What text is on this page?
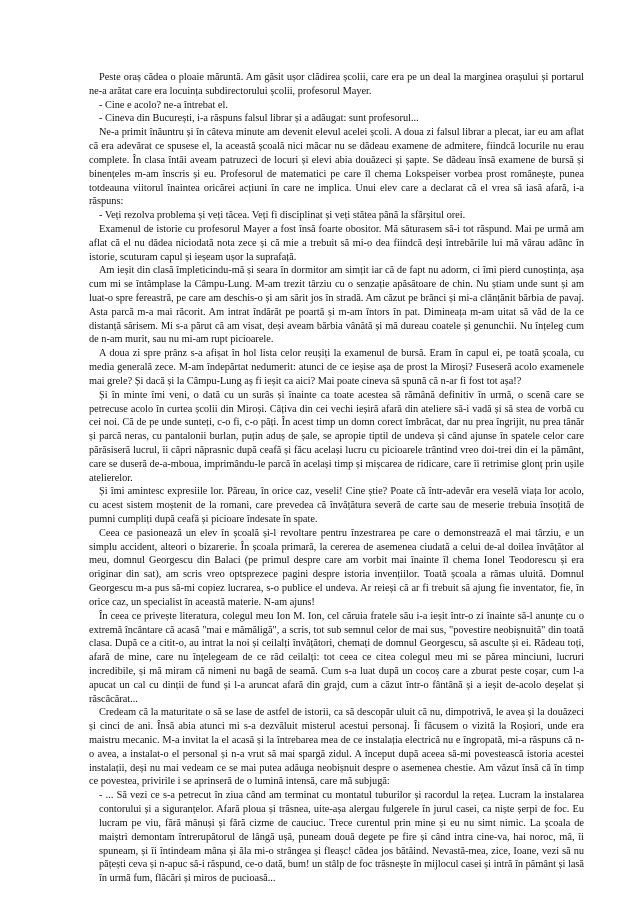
Peste oraș cădea o ploaie măruntă. Am găsit ușor clădirea școlii, care era pe un deal la marginea orașului și portarul ne-a arătat care era locuința subdirectorului școlii, profesorul Mayer.

- Cine e acolo? ne-a întrebat el.

- Cineva din București, i-a răspuns falsul librar și a adăugat: sunt profesorul...

Ne-a primit înăuntru și în câteva minute am devenit elevul acelei școli. A doua zi falsul librar a plecat, iar eu am aflat că era adevărat ce spusese el, la această școală nici măcar nu se dădeau examene de admitere, fiindcă locurile nu erau complete. În clasa întâi aveam patruzeci de locuri și elevi abia douăzeci și șapte. Se dădeau însă examene de bursă și binențeles m-am înscris și eu. Profesorul de matematici pe care îl chema Lokspeiser vorbea prost românește, punea totdeauna viitorul înaintea oricărei acțiuni în care ne implica. Unui elev care a declarat că el vrea să iasă afară, i-a răspuns:

- Veți rezolva problema și veți tăcea. Veți fi disciplinat și veți stătea până la sfârșitul orei.

Examenul de istorie cu profesorul Mayer a fost însă foarte obositor. Mă săturasem să-i tot răspund. Mai pe urmă am aflat că el nu dădea niciodată nota zece și că mie a trebuit să mi-o dea fiindcă deși întrebările lui mă vârau adânc în istorie, scuturam capul și ieșeam ușor la suprafață.

Am ieșit din clasă împleticindu-mă și seara în dormitor am simțit iar că de fapt nu adorm, ci îmi pierd cunoștința, așa cum mi se întâmplase la Câmpu-Lung. M-am trezit târziu cu o senzație apăsătoare de chin. Nu știam unde sunt și am luat-o spre fereastră, pe care am deschis-o și am sărit jos în stradă. Am căzut pe brânci și mi-a clănțănit bărbia de pavaj. Asta parcă m-a mai răcorit. Am intrat îndărăt pe poartă și m-am întors în pat. Dimineața m-am uitat să văd de la ce distanță sărisem. Mi s-a părut că am visat, deși aveam bărbia vânătă și mă dureau coatele și genunchii. Nu înțeleg cum de n-am murit, sau nu mi-am rupt picioarele.

A doua zi spre prânz s-a afișat în hol lista celor reușiți la examenul de bursă. Eram în capul ei, pe toată școala, cu media generală zece. M-am îndepărtat nedumerit: atunci de ce ieșise așa de prost la Miroși? Fuseseră acolo examenele mai grele? Și dacă și la Câmpu-Lung aș fi ieșit ca aici? Mai poate cineva să spună că n-ar fi fost tot așa!?

Și în minte îmi veni, o dată cu un surâs și înainte ca toate acestea să rămână definitiv în urmă, o scenă care se petrecuse acolo în curtea școlii din Miroși. Câțiva din cei vechi ieșiră afară din ateliere să-i vadă și să stea de vorbă cu cei noi. Că de pe unde sunteți, c-o fi, c-o păți. În acest timp un domn corect îmbrăcat, dar nu prea îngrijit, nu prea tânăr și parcă neras, cu pantalonii burlan, puțin aduș de șale, se apropie tiptil de undeva și când ajunse în spatele celor care părăsiseră lucrul, îi căpri năprasnic după ceafă și făcu același lucru cu picioarele trântind vreo doi-trei din ei la pământ, care se duseră de-a-mboua, imprimându-le parcă în același timp și mișcarea de ridicare, care îi retrimise glonț prin ușile atelierelor.

Și îmi amintesc expresiile lor. Păreau, în orice caz, veseli! Cine știe? Poate că într-adevăr era veselă viața lor acolo, cu acest sistem moștenit de la romani, care prevedea că învățătura severă de carte sau de meserie trebuia însoțită de pumni cumpliți după ceafă și picioare îndesate în spate.

Ceea ce pasionează un elev în școală și-l revoltare pentru înzestrarea pe care o demonstrează el mai târziu, e un simplu accident, alteori o bizarerie. În școala primară, la cererea de asemenea ciudată a celui de-al doilea învățător al meu, domnul Georgescu din Balaci (pe primul despre care am vorbit mai înainte îl chema Ionel Teodorescu și era originar din sat), am scris vreo optsprezece pagini despre istoria invențiilor. Toată școala a rămas uluită. Domnul Georgescu m-a pus să-mi copiez lucrarea, s-o publice el undeva. Ar reieși că ar fi trebuit să ajung fie inventator, fie, în orice caz, un specialist în această materie. N-am ajuns!

În ceea ce privește literatura, colegul meu Ion M. Ion, cel căruia fratele său i-a ieșit într-o zi înainte să-l anunțe cu o extremă încântare că acasă "mai e mămăligă", a scris, tot sub semnul celor de mai sus, "povestire neobișnuită" din toată clasa. După ce a citit-o, au intrat la noi și ceilalți învățători, chemați de domnul Georgescu, să asculte și ei. Rădeau toți, afară de mine, care nu înțelegeam de ce râd ceilalți: tot ceea ce citea colegul meu mi se părea minciuni, lucruri incredibile, și mă miram că nimeni nu bagă de seamă. Cum s-a luat după un cocoș care a zburat peste coșar, cum l-a apucat un cal cu dinții de fund și l-a aruncat afară din grajd, cum a căzut într-o fântână și a ieșit de-acolo deșelat și răscăcărat...

Credeam că la maturitate o să se lase de astfel de istorii, ca să descopăr uluit că nu, dimpotrivă, le avea și la douăzeci și cinci de ani. Însă abia atunci mi s-a dezvăluit misterul acestui personaj. Îi făcusem o vizită la Roșiori, unde era maistru mecanic. M-a invitat la el acasă și la întrebarea mea de ce instalația electrică nu e îngropată, mi-a răspuns că n-o avea, a instalat-o el personal și n-a vrut să mai spargă zidul. A început după aceea să-mi povestească istoria acestei instalații, deși nu mai vedeam ce se mai putea adăuga neobișnuit despre o asemenea chestie. Am văzut însă că în timp ce povestea, privirile i se aprinseră de o lumină intensă, care mă subjugă:

- ... Să vezi ce s-a petrecut în ziua când am terminat cu montatul tuburilor și racordul la rețea. Lucram la instalarea contorului și a siguranțelor. Afară ploua și trăsnea, uite-așa alergau fulgerele în jurul casei, ca niște șerpi de foc. Eu lucram pe viu, fără mănuși și fără cizme de cauciuc. Trece curentul prin mine și eu nu simt nimic. La școala de maiștri demontam întrerupătorul de lângă ușă, puneam două degete pe fire și când intra cine-va, hai noroc, mâ, îi spuneam, și îi întindeam mâna și ăla mi-o strângea și fleașc! cădea jos bătăind. Nevastă-mea, zice, Ioane, vezi să nu pățești ceva și n-apuc să-i răspund, ce-o dată, bum! un stâlp de foc trăsnește în mijlocul casei și intră în pământ și lasă în urmă fum, flăcări și miros de pucioasă...
